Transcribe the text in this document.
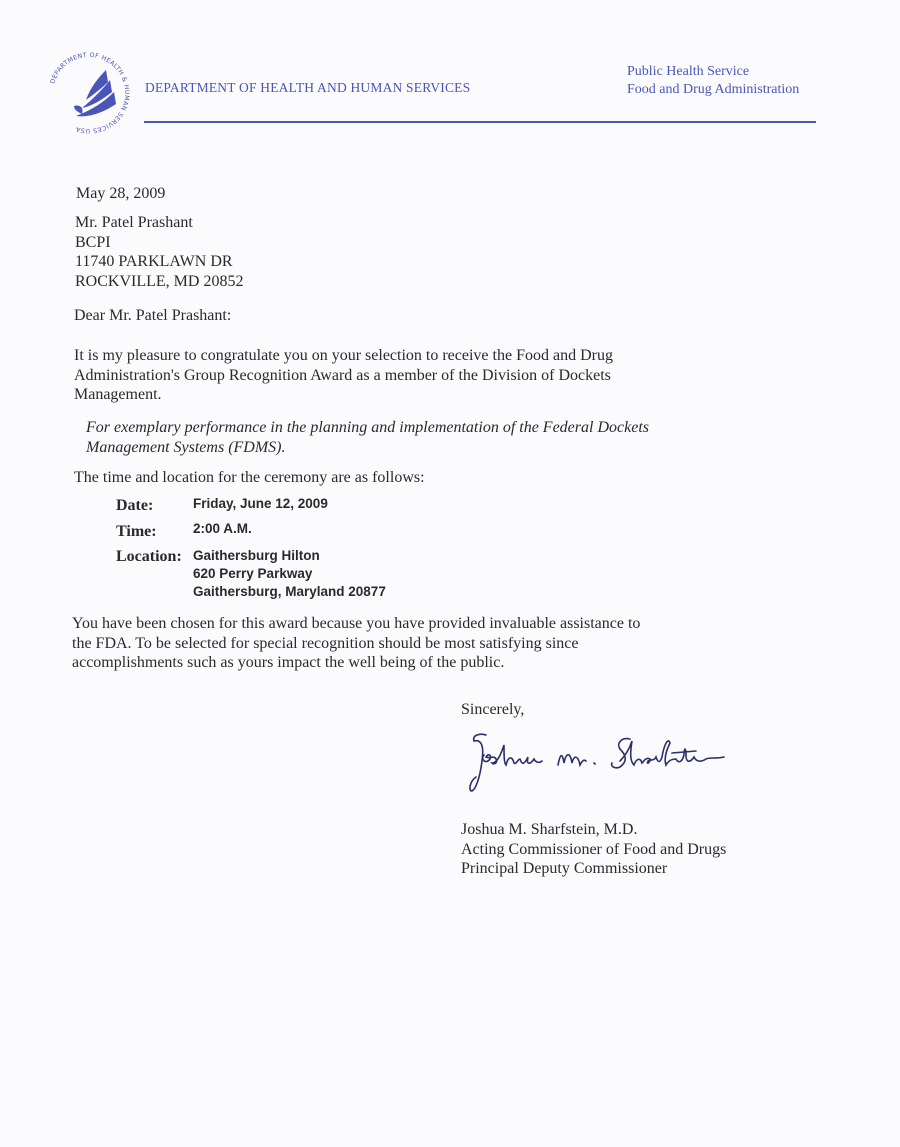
DEPARTMENT OF HEALTH & HUMAN SERVICES USA
DEPARTMENT OF HEALTH AND HUMAN SERVICES
Public Health Service
Food and Drug Administration
May 28, 2009
Mr. Patel Prashant
BCPI
11740 PARKLAWN DR
ROCKVILLE, MD 20852
Dear Mr. Patel Prashant:
It is my pleasure to congratulate you on your selection to receive the Food and Drug
Administration's Group Recognition Award as a member of the Division of Dockets
Management.
For exemplary performance in the planning and implementation of the Federal Dockets
Management Systems (FDMS).
The time and location for the ceremony are as follows:
Date:	Friday, June 12, 2009
Time:	2:00 A.M.
Location: Gaithersburg Hilton
620 Perry Parkway
Gaithersburg, Maryland 20877
You have been chosen for this award because you have provided invaluable assistance to
the FDA. To be selected for special recognition should be most satisfying since
accomplishments such as yours impact the well being of the public.
Sincerely,
Joshua M. Sharfstein, M.D.
Acting Commissioner of Food and Drugs
Principal Deputy Commissioner
